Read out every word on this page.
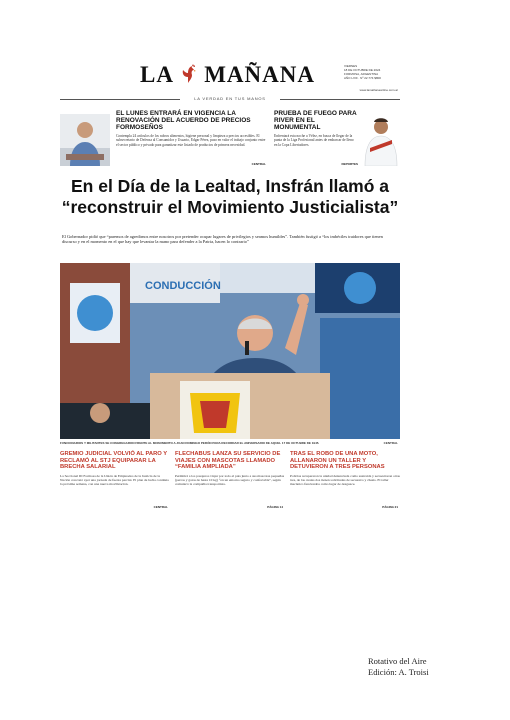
LA MAÑANA	VIERNES
18 DE OCTUBRE DE 2024
FORMOSA, ARGENTINA
AÑO LXIII · Nº 22.774 $800
www.lamañanaonline.com.ar
LA VERDAD EN TUS MANOS
EL LUNES ENTRARÁ EN VIGENCIA LA RENOVACIÓN DEL ACUERDO DE PRECIOS FORMOSEÑOS
Contempla 24 artículos de los rubros alimentos, higiene personal y limpieza a precios accesibles. El subsecretario de Defensa al Consumidor y Usuario, Edgar Pérez, puso en valor el trabajo conjunto entre el sector público y privado para garantizar este listado de productos de primera necesidad.
CENTRAL
PRUEBA DE FUEGO PARA RIVER EN EL MONUMENTAL
Enfrentará esta noche a Vélez, en busca de llegar de la punta de la Liga Profesional antes de embarcar de lleno en la Copa Libertadores.
DEPORTES
En el Día de la Lealtad, Insfrán llamó a
“reconstruir el Movimiento Justicialista”
El Gobernador pidió que “paremos de agredirnos entre nosotros por pretender ocupar lugares de privilegios y seamos humildes”. También fustigó a “los imbéciles traidores que tienen discurso y en el momento en el que hay que levantar la mano para defender a la Patria, hacen lo contrario”
CONDUCCIÓN
FUNCIONARIOS Y MILITANTES SE CONGREGARON FRENTE AL MONUMENTO A JUAN DOMINGO PERÓN PARA RECORDAR EL ANIVERSARIO DE AQUEL 17 DE OCTUBRE DE 1945.	CENTRAL
GREMIO JUDICIAL VOLVIÓ AL PARO Y RECLAMÓ AL STJ EQUIPARAR LA BRECHA SALARIAL
La Seccional III Formosa de la Unión de Empleados de la Justicia de la Nación concretó ayer una jornada de fuerza parcial. El plan de lucha continúa la próxima semana, con una nueva movilización.
CENTRAL
FLECHABUS LANZA SU SERVICIO DE VIAJES CON MASCOTAS LLAMADO “FAMILIA AMPLIADA”
Permitirá a los pasajeros viajar por todo el país junto a sus mascotas pequeñas (perros y gatos de hasta 10 kg) “en un entorno seguro y confortable”, según comunicó la compañía transportista.
PÁGINA 14
TRAS EL ROBO DE UNA MOTO, ALLANARON UN TALLER Y DETUVIERON A TRES PERSONAS
Policías recuperaron la unidad denunciada como sustraída y secuestraron otras tres, de las cuales dos tienen solicitudes de secuestro y chasis. El taller mecánico funcionaba como lugar de desguace.
PÁGINA 21
Rotativo del Aire
Edición: A. Troisi
